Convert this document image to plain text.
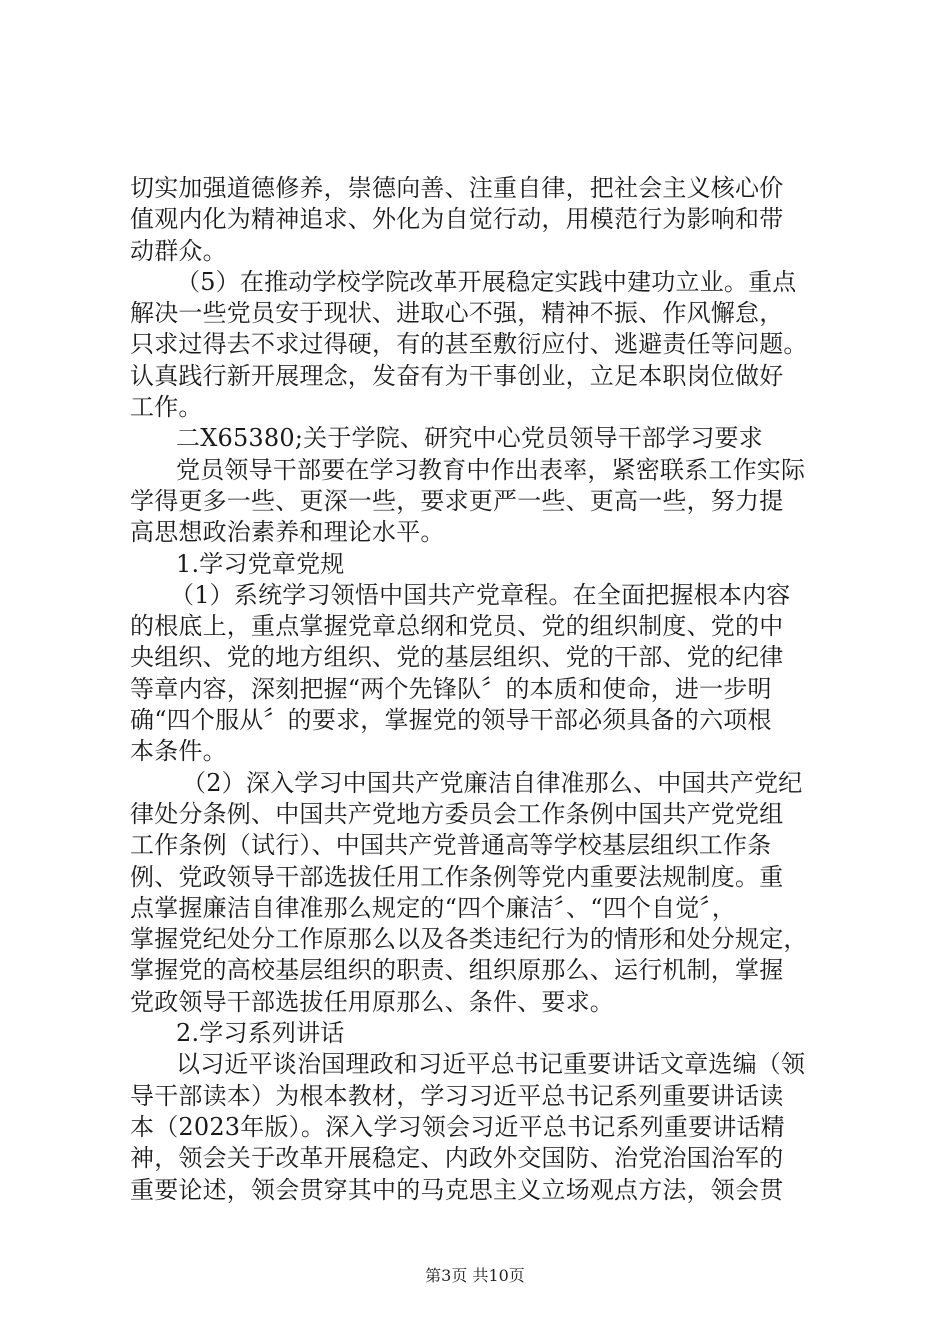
切实加强道德修养，崇德向善、注重自律，把社会主义核心价
值观内化为精神追求、外化为自觉行动，用模范行为影响和带
动群众。
（5）在推动学校学院改革开展稳定实践中建功立业。重点
解决一些党员安于现状、进取心不强，精神不振、作风懈怠，
只求过得去不求过得硬，有的甚至敷衍应付、逃避责任等问题。
认真践行新开展理念，发奋有为干事创业，立足本职岗位做好
工作。
二X65380;关于学院、研究中心党员领导干部学习要求
党员领导干部要在学习教育中作出表率，紧密联系工作实际
学得更多一些、更深一些，要求更严一些、更高一些，努力提
高思想政治素养和理论水平。
1.学习党章党规
（1）系统学习领悟中国共产党章程。在全面把握根本内容
的根底上，重点掌握党章总纲和党员、党的组织制度、党的中
央组织、党的地方组织、党的基层组织、党的干部、党的纪律
等章内容，深刻把握“两个先锋队〞的本质和使命，进一步明
确“四个服从〞的要求，掌握党的领导干部必须具备的六项根
本条件。
（2）深入学习中国共产党廉洁自律准那么、中国共产党纪
律处分条例、中国共产党地方委员会工作条例中国共产党党组
工作条例（试行）、中国共产党普通高等学校基层组织工作条
例、党政领导干部选拔任用工作条例等党内重要法规制度。重
点掌握廉洁自律准那么规定的“四个廉洁〞、“四个自觉〞，
掌握党纪处分工作原那么以及各类违纪行为的情形和处分规定，
掌握党的高校基层组织的职责、组织原那么、运行机制，掌握
党政领导干部选拔任用原那么、条件、要求。
2.学习系列讲话
以习近平谈治国理政和习近平总书记重要讲话文章选编（领
导干部读本）为根本教材，学习习近平总书记系列重要讲话读
本（2023年版）。深入学习领会习近平总书记系列重要讲话精
神，领会关于改革开展稳定、内政外交国防、治党治国治军的
重要论述，领会贯穿其中的马克思主义立场观点方法，领会贯
第3页 共10页
